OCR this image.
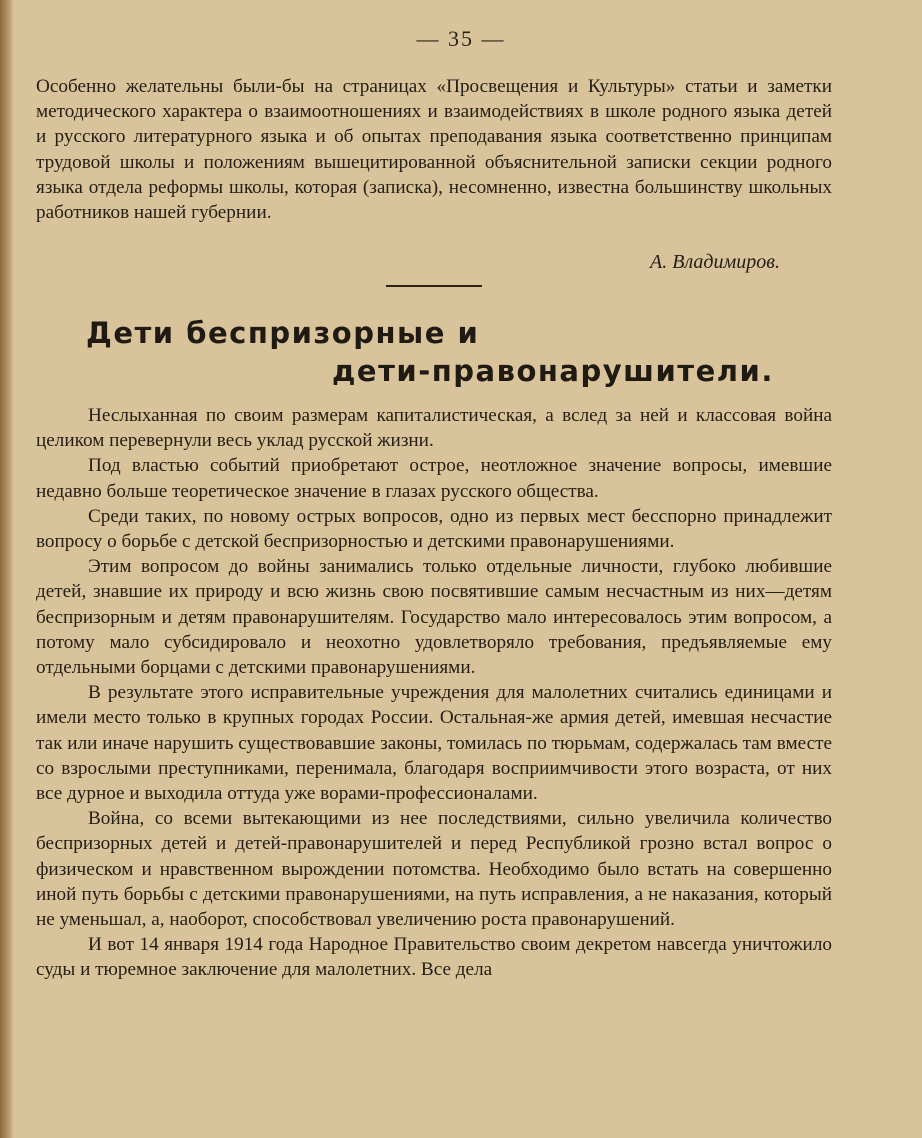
— 35 —

Особенно желательны были-бы на страницах «Просвещения и Культуры» статьи и заметки методического характера о взаимоотношениях и взаимодействиях в школе родного языка детей и русского литературного языка и об опытах преподавания языка соответственно принципам трудовой школы и положениям вышецитированной объяснительной записки секции родного языка отдела реформы школы, которая (записка), несомненно, известна большинству школьных работников нашей губернии.

А. Владимиров.
Дети беспризорные и
дети-правонарушители.

Неслыханная по своим размерам капиталистическая, а вслед за ней и классовая война целиком перевернули весь уклад русской жизни.

Под властью событий приобретают острое, неотложное значение вопросы, имевшие недавно больше теоретическое значение в глазах русского общества.

Среди таких, по новому острых вопросов, одно из первых мест бесспорно принадлежит вопросу о борьбе с детской беспризорностью и детскими правонарушениями.

Этим вопросом до войны занимались только отдельные личности, глубоко любившие детей, знавшие их природу и всю жизнь свою посвятившие самым несчастным из них—детям беспризорным и детям правонарушителям. Государство мало интересовалось этим вопросом, а потому мало субсидировало и неохотно удовлетворяло требования, предъявляемые ему отдельными борцами с детскими правонарушениями.

В результате этого исправительные учреждения для малолетних считались единицами и имели место только в крупных городах России. Остальная-же армия детей, имевшая несчастие так или иначе нарушить существовавшие законы, томилась по тюрьмам, содержалась там вместе со взрослыми преступниками, перенимала, благодаря восприимчивости этого возраста, от них все дурное и выходила оттуда уже ворами-профессионалами.

Война, со всеми вытекающими из нее последствиями, сильно увеличила количество беспризорных детей и детей-правонарушителей и перед Республикой грозно встал вопрос о физическом и нравственном вырождении потомства. Необходимо было встать на совершенно иной путь борьбы с детскими правонарушениями, на путь исправления, а не наказания, который не уменьшал, а, наоборот, способствовал увеличению роста правонарушений.

И вот 14 января 1914 года Народное Правительство своим декретом навсегда уничтожило суды и тюремное заключение для малолетних. Все дела
